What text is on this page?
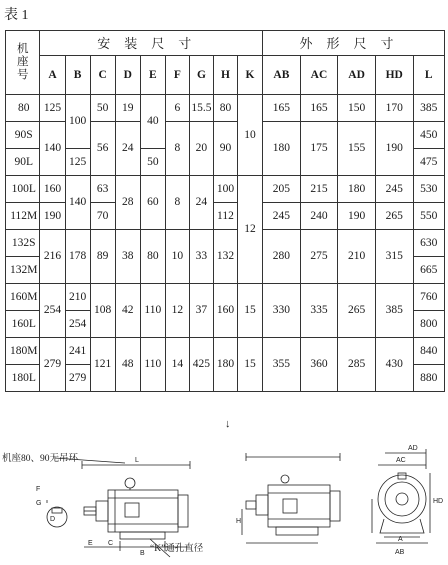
表 1
机
座
号	安装尺寸									外形尺寸				
	A	B	C	D	E	F	G	H	K	AB	AC	AD	HD	L
80	125	100	50	19	40	6	15.5	80	10	165	165	150	170	385
90S	140		56	24		8	20	90		180	175	155	190	450
90L		125			50									475
100L	160	140	63	28	60	8	24	100	12	205	215	180	245	530
112M	190		70					112		245	240	190	265	550
132S	216	178	89	38	80	10	33	132		280	275	210	315	630
132M														665
160M	254	210	108	42	110	12	37	160	15	330	335	265	385	760
160L		254												800
180M	279	241	121	48	110	14	425	180	15	355	360	285	430	840
180L		279												880
↓
机座80、90无吊环
“K”通孔直径
L
F
G
D
E C
B
H
AD
AC
HD
A
AB
